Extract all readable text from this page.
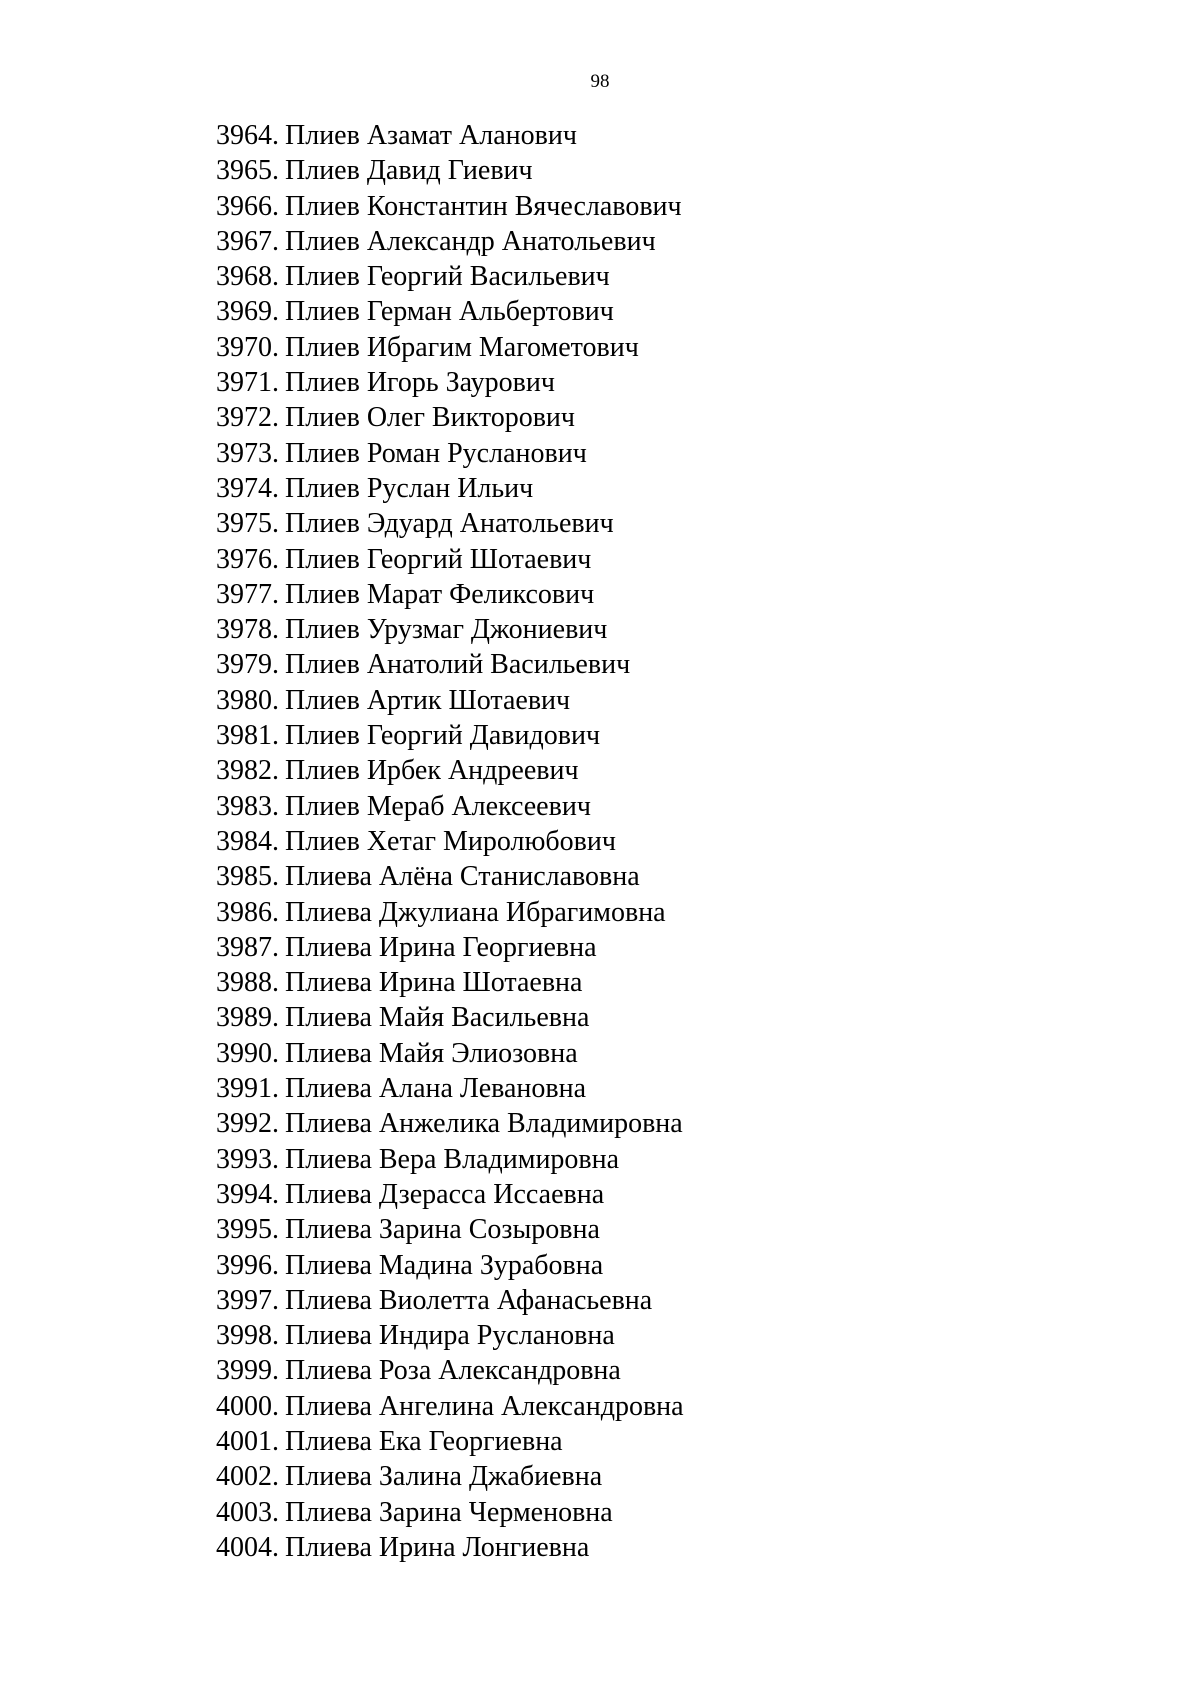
98
3964. Плиев Азамат Аланович
3965. Плиев Давид Гиевич
3966. Плиев Константин Вячеславович
3967. Плиев Александр Анатольевич
3968. Плиев Георгий Васильевич
3969. Плиев Герман Альбертович
3970. Плиев Ибрагим Магометович
3971. Плиев Игорь Заурович
3972. Плиев Олег Викторович
3973. Плиев Роман Русланович
3974. Плиев Руслан Ильич
3975. Плиев Эдуард Анатольевич
3976. Плиев Георгий Шотаевич
3977. Плиев Марат Феликсович
3978. Плиев Урузмаг Джониевич
3979. Плиев Анатолий Васильевич
3980. Плиев Артик Шотаевич
3981. Плиев Георгий Давидович
3982. Плиев Ирбек Андреевич
3983. Плиев Мераб Алексеевич
3984. Плиев Хетаг Миролюбович
3985. Плиева Алёна Станиславовна
3986. Плиева Джулиана Ибрагимовна
3987. Плиева Ирина Георгиевна
3988. Плиева Ирина Шотаевна
3989. Плиева Майя Васильевна
3990. Плиева Майя Элиозовна
3991. Плиева Алана Левановна
3992. Плиева Анжелика Владимировна
3993. Плиева Вера Владимировна
3994. Плиева Дзерасса Иссаевна
3995. Плиева Зарина Созыровна
3996. Плиева Мадина Зурабовна
3997. Плиева Виолетта Афанасьевна
3998. Плиева Индира Руслановна
3999. Плиева Роза Александровна
4000. Плиева Ангелина Александровна
4001. Плиева Ека Георгиевна
4002. Плиева Залина Джабиевна
4003. Плиева Зарина Черменовна
4004. Плиева Ирина Лонгиевна
